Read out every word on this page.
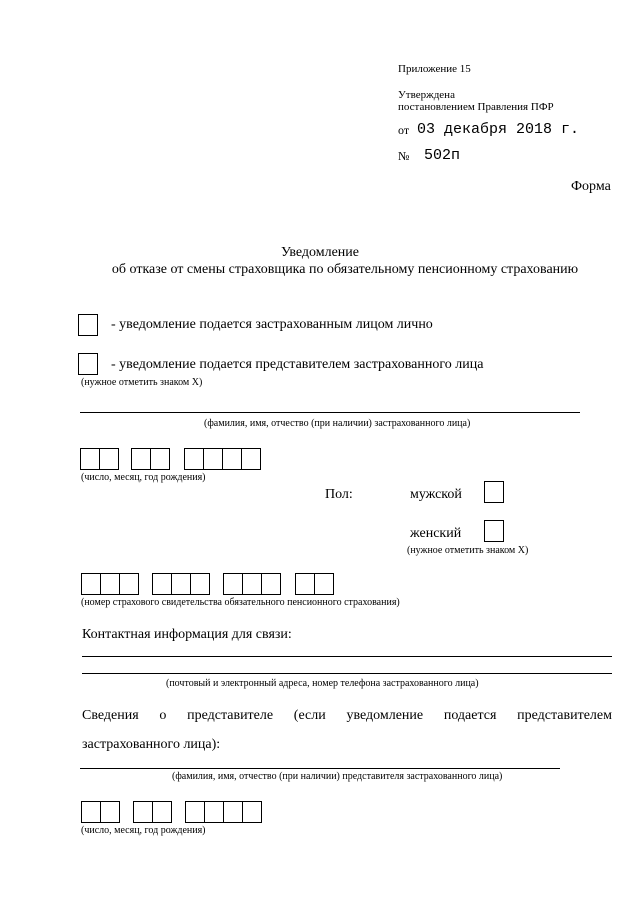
Приложение 15
Утверждена
постановлением Правления ПФР
от 03 декабря 2018 г.
№ 502п
Форма
Уведомление
об отказе от смены страховщика по обязательному пенсионному страхованию
- уведомление подается застрахованным лицом лично
- уведомление подается представителем застрахованного лица
(нужное отметить знаком Х)
(фамилия, имя, отчество (при наличии) застрахованного лица)
(число, месяц, год рождения)
Пол:	мужской
женский
(нужное отметить знаком Х)
(номер страхового свидетельства обязательного пенсионного страхования)
Контактная информация для связи:
(почтовый и электронный адреса, номер телефона застрахованного лица)
Сведения о представителе (если уведомление подается представителем
застрахованного лица):
(фамилия, имя, отчество (при наличии) представителя застрахованного лица)
(число, месяц, год рождения)
